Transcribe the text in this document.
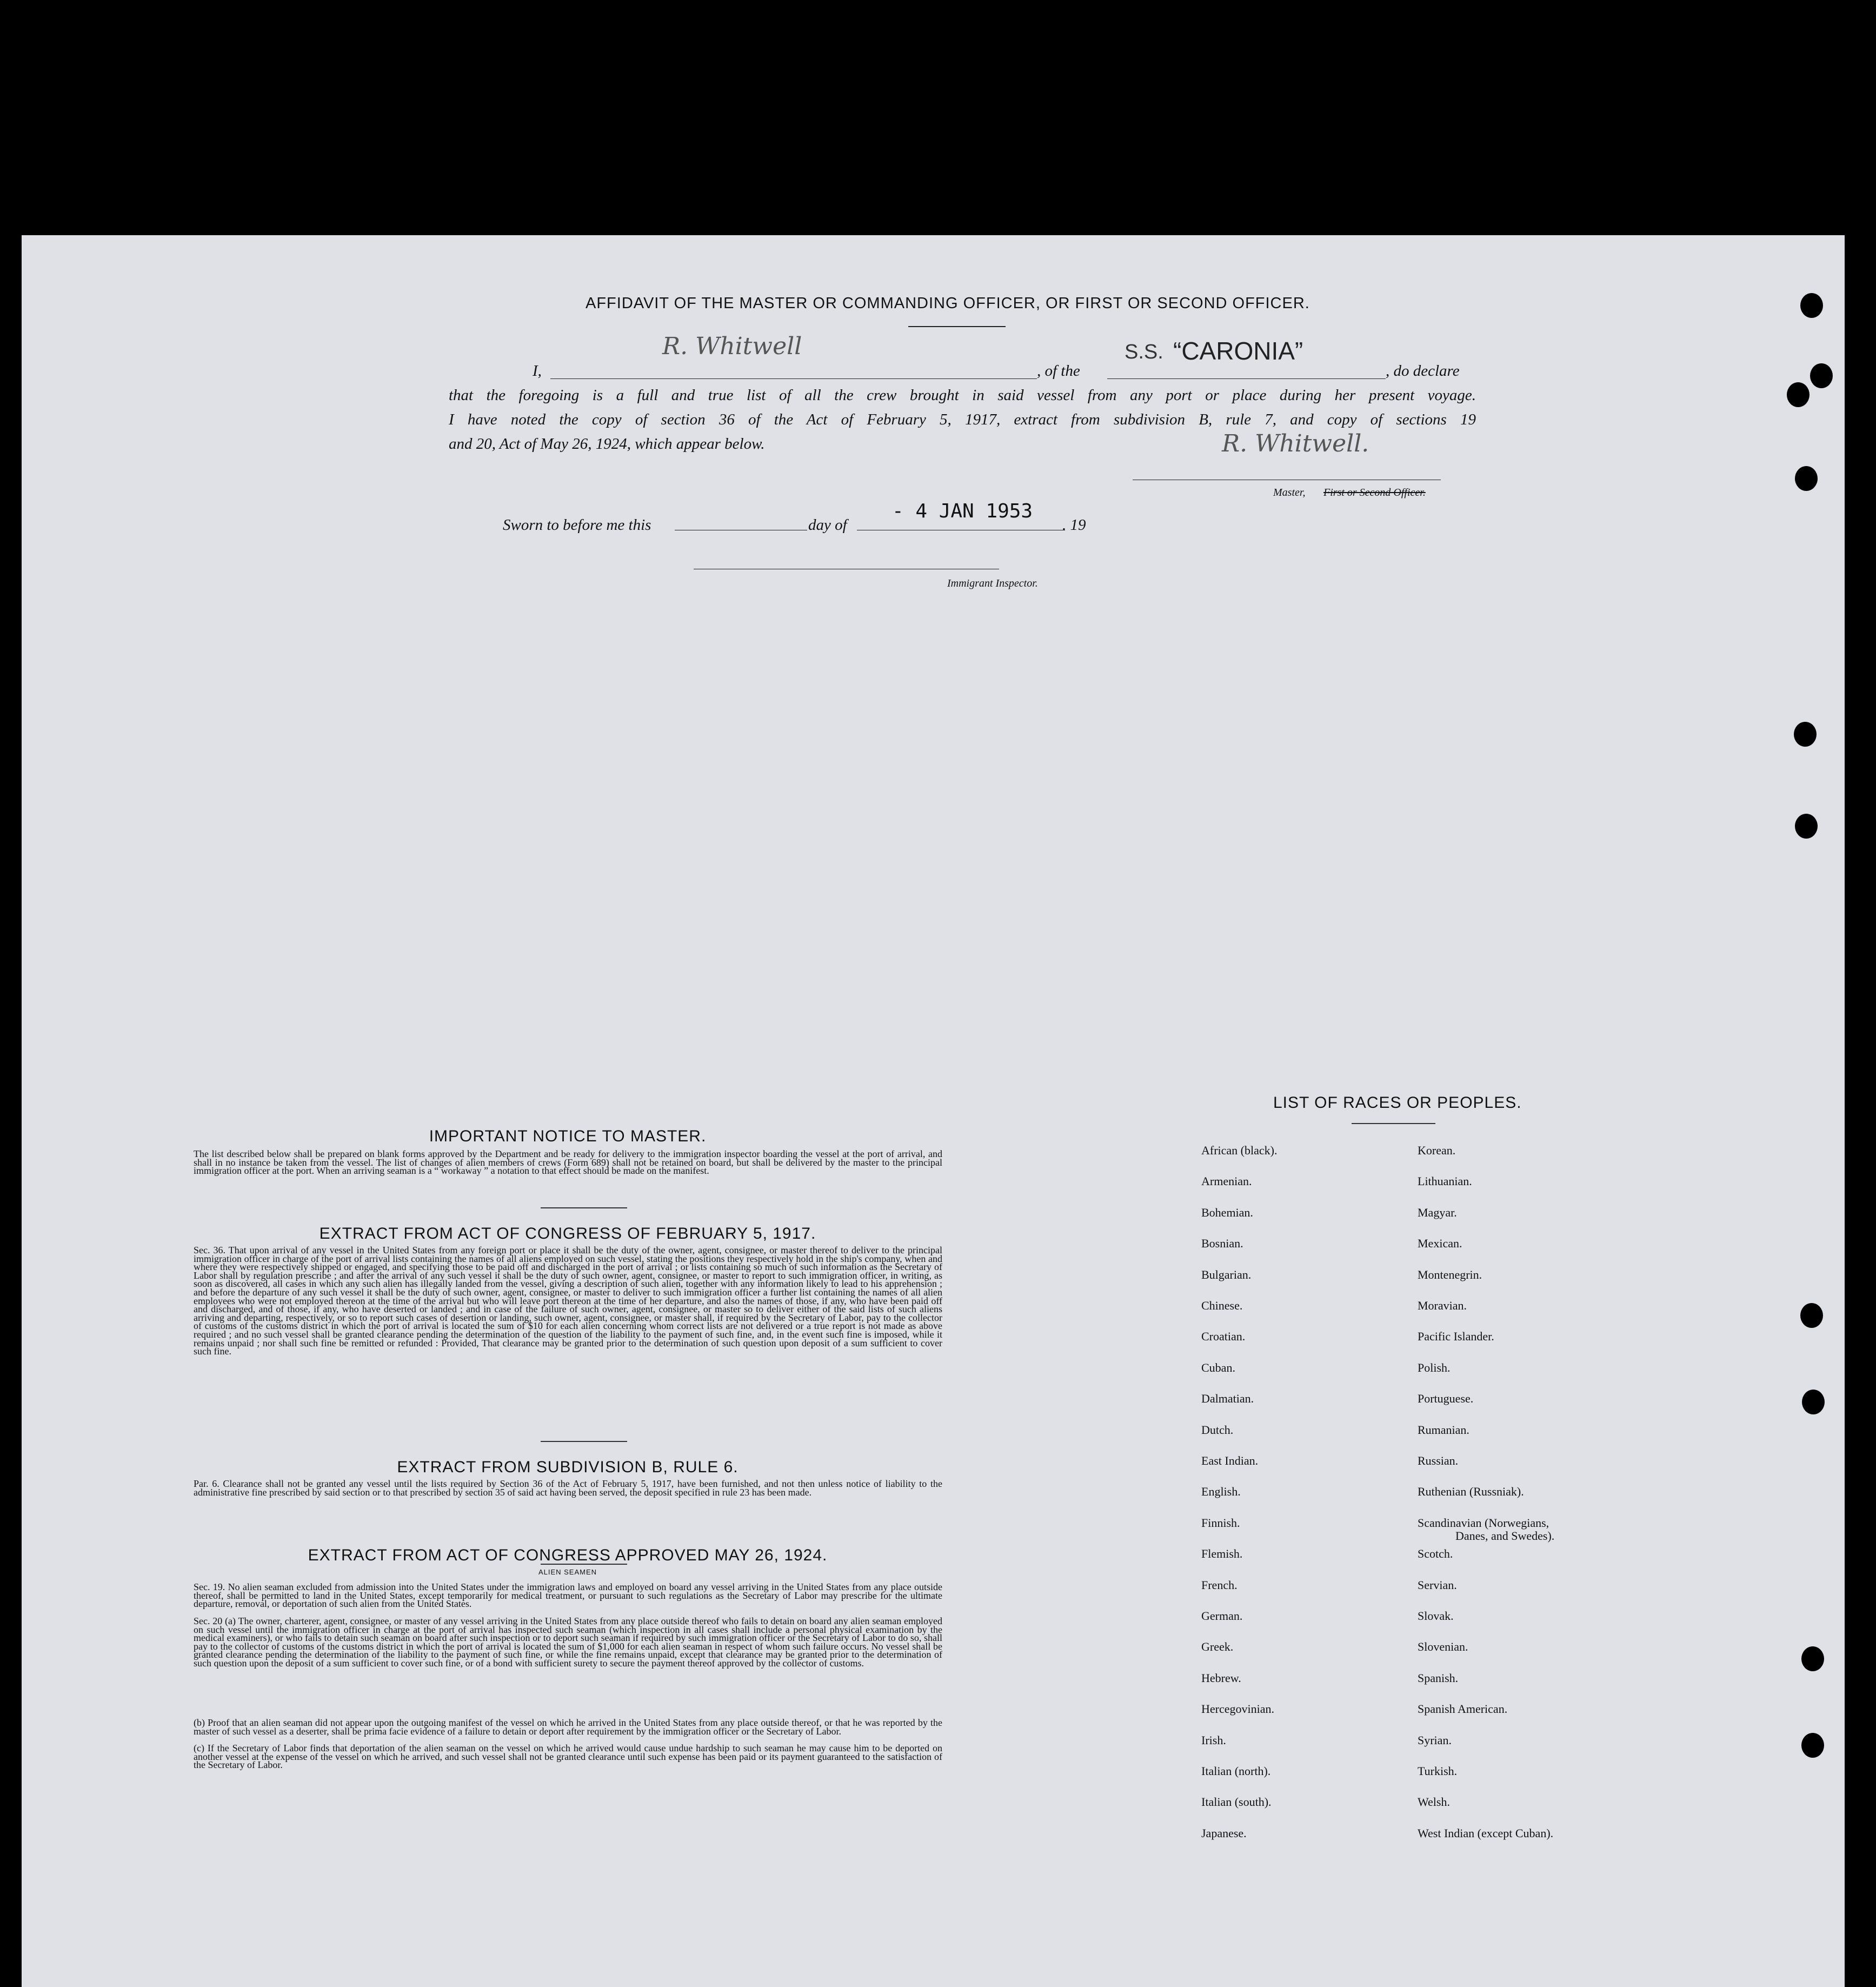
AFFIDAVIT OF THE MASTER OR COMMANDING OFFICER, OR FIRST OR SECOND OFFICER.
I,
R. Whitwell
, of the
S.S. “CARONIA”
, do declare
that the foregoing is a full and true list of all the crew brought in said vessel from any port or place during her present voyage.
I have noted the copy of section 36 of the Act of February 5, 1917, extract from subdivision B, rule 7, and copy of sections 19
and 20, Act of May 26, 1924, which appear below.	R. Whitwell.
Master, First or Second Officer.
Sworn to before me this	day of
- 4 JAN 1953
. 19
Immigrant Inspector.
IMPORTANT NOTICE TO MASTER.
The list described below shall be prepared on blank forms approved by the Department and be ready for delivery to the immigration inspector boarding the vessel at the port of arrival, and shall in no instance be taken from the vessel. The list of changes of alien members of crews (Form 689) shall not be retained on board, but shall be delivered by the master to the principal immigration officer at the port. When an arriving seaman is a “ workaway ” a notation to that effect should be made on the manifest.
EXTRACT FROM ACT OF CONGRESS OF FEBRUARY 5, 1917.
Sec. 36. That upon arrival of any vessel in the United States from any foreign port or place it shall be the duty of the owner, agent, consignee, or master thereof to deliver to the principal immigration officer in charge of the port of arrival lists containing the names of all aliens employed on such vessel, stating the positions they respectively hold in the ship's company, when and where they were respectively shipped or engaged, and specifying those to be paid off and discharged in the port of arrival ; or lists containing so much of such information as the Secretary of Labor shall by regulation prescribe ; and after the arrival of any such vessel it shall be the duty of such owner, agent, consignee, or master to report to such immigration officer, in writing, as soon as discovered, all cases in which any such alien has illegally landed from the vessel, giving a description of such alien, together with any information likely to lead to his apprehension ; and before the departure of any such vessel it shall be the duty of such owner, agent, consignee, or master to deliver to such immigration officer a further list containing the names of all alien employees who were not employed thereon at the time of the arrival but who will leave port thereon at the time of her departure, and also the names of those, if any, who have been paid off and discharged, and of those, if any, who have deserted or landed ; and in case of the failure of such owner, agent, consignee, or master so to deliver either of the said lists of such aliens arriving and departing, respectively, or so to report such cases of desertion or landing, such owner, agent, consignee, or master shall, if required by the Secretary of Labor, pay to the collector of customs of the customs district in which the port of arrival is located the sum of $10 for each alien concerning whom correct lists are not delivered or a true report is not made as above required ; and no such vessel shall be granted clearance pending the determination of the question of the liability to the payment of such fine, and, in the event such fine is imposed, while it remains unpaid ; nor shall such fine be remitted or refunded : Provided, That clearance may be granted prior to the determination of such question upon deposit of a sum sufficient to cover such fine.
EXTRACT FROM SUBDIVISION B, RULE 6.
Par. 6. Clearance shall not be granted any vessel until the lists required by Section 36 of the Act of February 5, 1917, have been furnished, and not then unless notice of liability to the administrative fine prescribed by said section or to that prescribed by section 35 of said act having been served, the deposit specified in rule 23 has been made.
EXTRACT FROM ACT OF CONGRESS APPROVED MAY 26, 1924.
ALIEN SEAMEN
Sec. 19. No alien seaman excluded from admission into the United States under the immigration laws and employed on board any vessel arriving in the United States from any place outside thereof, shall be permitted to land in the United States, except temporarily for medical treatment, or pursuant to such regulations as the Secretary of Labor may prescribe for the ultimate departure, removal, or deportation of such alien from the United States.
Sec. 20 (a) The owner, charterer, agent, consignee, or master of any vessel arriving in the United States from any place outside thereof who fails to detain on board any alien seaman employed on such vessel until the immigration officer in charge at the port of arrival has inspected such seaman (which inspection in all cases shall include a personal physical examination by the medical examiners), or who fails to detain such seaman on board after such inspection or to deport such seaman if required by such immigration officer or the Secretary of Labor to do so, shall pay to the collector of customs of the customs district in which the port of arrival is located the sum of $1,000 for each alien seaman in respect of whom such failure occurs. No vessel shall be granted clearance pending the determination of the liability to the payment of such fine, or while the fine remains unpaid, except that clearance may be granted prior to the determination of such question upon the deposit of a sum sufficient to cover such fine, or of a bond with sufficient surety to secure the payment thereof approved by the collector of customs.
(b) Proof that an alien seaman did not appear upon the outgoing manifest of the vessel on which he arrived in the United States from any place outside thereof, or that he was reported by the master of such vessel as a deserter, shall be prima facie evidence of a failure to detain or deport after requirement by the immigration officer or the Secretary of Labor.
(c) If the Secretary of Labor finds that deportation of the alien seaman on the vessel on which he arrived would cause undue hardship to such seaman he may cause him to be deported on another vessel at the expense of the vessel on which he arrived, and such vessel shall not be granted clearance until such expense has been paid or its payment guaranteed to the satisfaction of the Secretary of Labor.
LIST OF RACES OR PEOPLES.
African (black).
Armenian.
Bohemian.
Bosnian.
Bulgarian.
Chinese.
Croatian.
Cuban.
Dalmatian.
Dutch.
East Indian.
English.
Finnish.
Flemish.
French.
German.
Greek.
Hebrew.
Hercegovinian.
Irish.
Italian (north).
Italian (south).
Japanese.
Korean.
Lithuanian.
Magyar.
Mexican.
Montenegrin.
Moravian.
Pacific Islander.
Polish.
Portuguese.
Rumanian.
Russian.
Ruthenian (Russniak).
Scandinavian (Norwegians,
Scotch.
Servian.
Slovak.
Slovenian.
Spanish.
Spanish American.
Syrian.
Turkish.
Welsh.
West Indian (except Cuban).
Danes, and Swedes).
